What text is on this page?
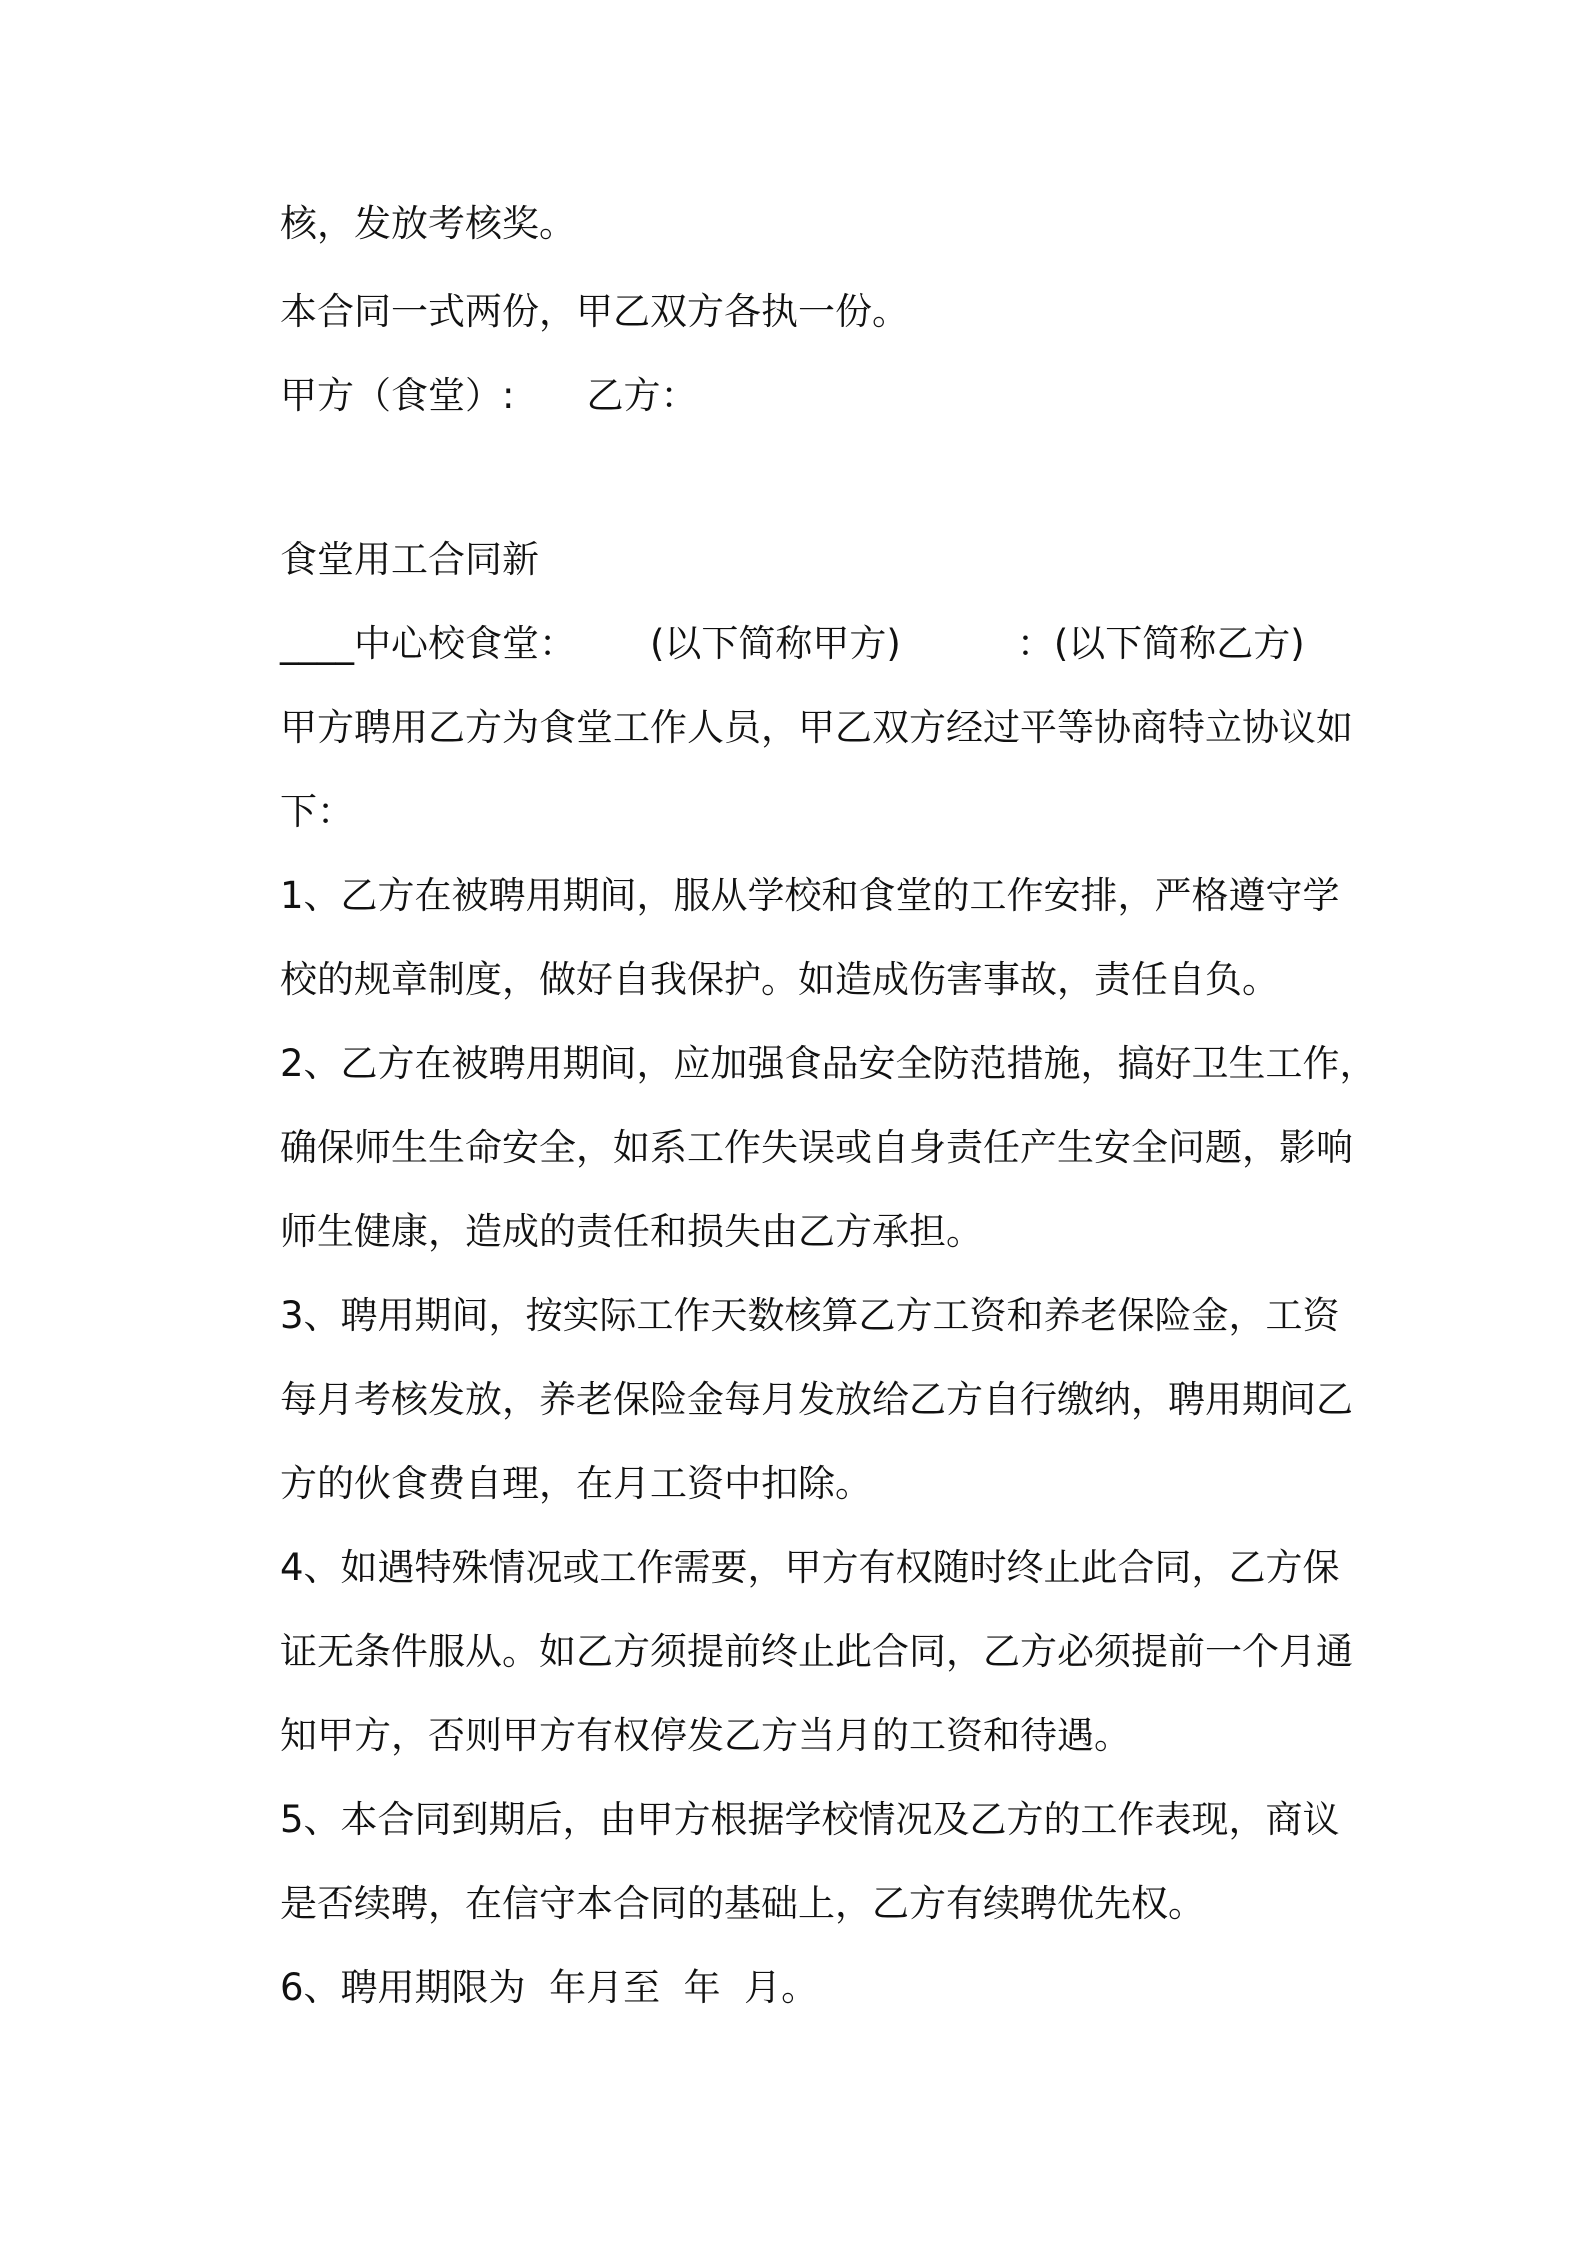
核，发放考核奖。
本合同一式两份，甲乙双方各执一份。
甲方（食堂）: 乙方：
食堂用工合同新
____中心校食堂： (以下简称甲方)	：(以下简称乙方)
甲方聘用乙方为食堂工作人员，甲乙双方经过平等协商特立协议如
下：
1、乙方在被聘用期间，服从学校和食堂的工作安排，严格遵守学
校的规章制度，做好自我保护。如造成伤害事故，责任自负。
2、乙方在被聘用期间，应加强食品安全防范措施，搞好卫生工作，
确保师生生命安全，如系工作失误或自身责任产生安全问题，影响
师生健康，造成的责任和损失由乙方承担。
3、聘用期间，按实际工作天数核算乙方工资和养老保险金，工资
每月考核发放，养老保险金每月发放给乙方自行缴纳，聘用期间乙
方的伙食费自理，在月工资中扣除。
4、如遇特殊情况或工作需要，甲方有权随时终止此合同，乙方保
证无条件服从。如乙方须提前终止此合同，乙方必须提前一个月通
知甲方，否则甲方有权停发乙方当月的工资和待遇。
5、本合同到期后，由甲方根据学校情况及乙方的工作表现，商议
是否续聘，在信守本合同的基础上，乙方有续聘优先权。
6、聘用期限为  年月至  年  月。
